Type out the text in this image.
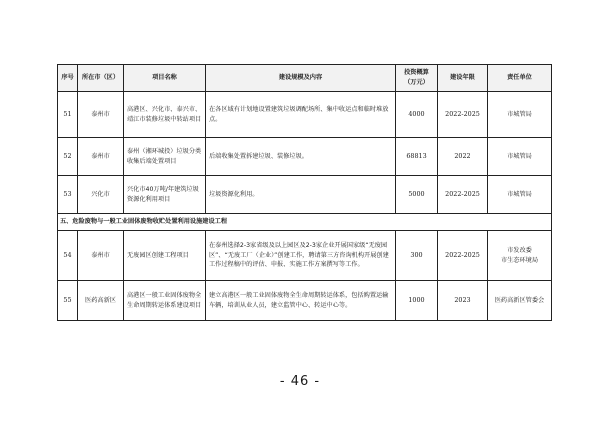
序号	所在市（区）	项目名称	建设规模及内容	投资概算（万元）	建设年限	责任单位
51	泰州市	高港区、兴化市、泰兴市、靖江市装修垃圾中转站项目	在各区域有计划地设置建筑垃圾调配场所、集中收运点和临时堆放点。	4000	2022-2025	市城管局
52	泰州市	泰州（湘环城投）垃圾分类收集后端处置项目	后端收集处置拆建垃圾、装修垃圾。	68813	2022	市城管局
53	兴化市	兴化市40万吨/年建筑垃圾资源化利用项目	垃圾资源化利用。	5000	2022-2025	市城管局
五、危险废物与一般工业固体废物收贮处置利用设施建设工程						
54	泰州市	无废园区创建工程项目	在泰州选择2-3家省级及以上园区及2-3家企业开展国家级“无废园区”、“无废工厂（企业）”创建工作，聘请第三方咨询机构开展创建工作过程稿中的评估、申报、实施工作方案撰写等工作。	300	2022-2025	市发改委
市生态环境局
55	医药高新区	高港区一般工业固体废物全生命周期转运体系建设项目	建立高港区一般工业固体废物全生命周期转运体系，包括购置运输车辆，培训从业人员，建立监管中心、转运中心等。	1000	2023	医药高新区管委会
- 46 -
